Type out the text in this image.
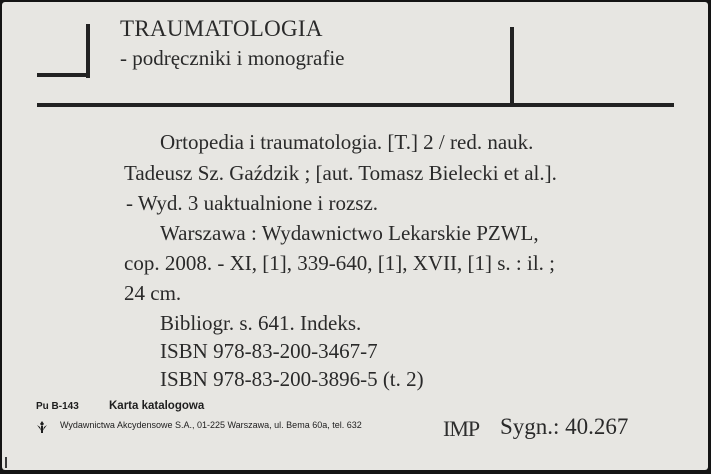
TRAUMATOLOGIA
- podręczniki i monografie
Ortopedia i traumatologia. [T.] 2 / red. nauk.
Tadeusz Sz. Gaździk ; [aut. Tomasz Bielecki et al.].
- Wyd. 3 uaktualnione i rozsz.
Warszawa : Wydawnictwo Lekarskie PZWL,
cop. 2008. - XI, [1], 339-640, [1], XVII, [1] s. : il. ;
24 cm.
Bibliogr. s. 641. Indeks.
ISBN 978-83-200-3467-7
ISBN 978-83-200-3896-5 (t. 2)
Pu B-143	Karta katalogowa
Wydawnictwa Akcydensowe S.A., 01-225 Warszawa, ul. Bema 60a, tel. 632	IMP Sygn.: 40.267
